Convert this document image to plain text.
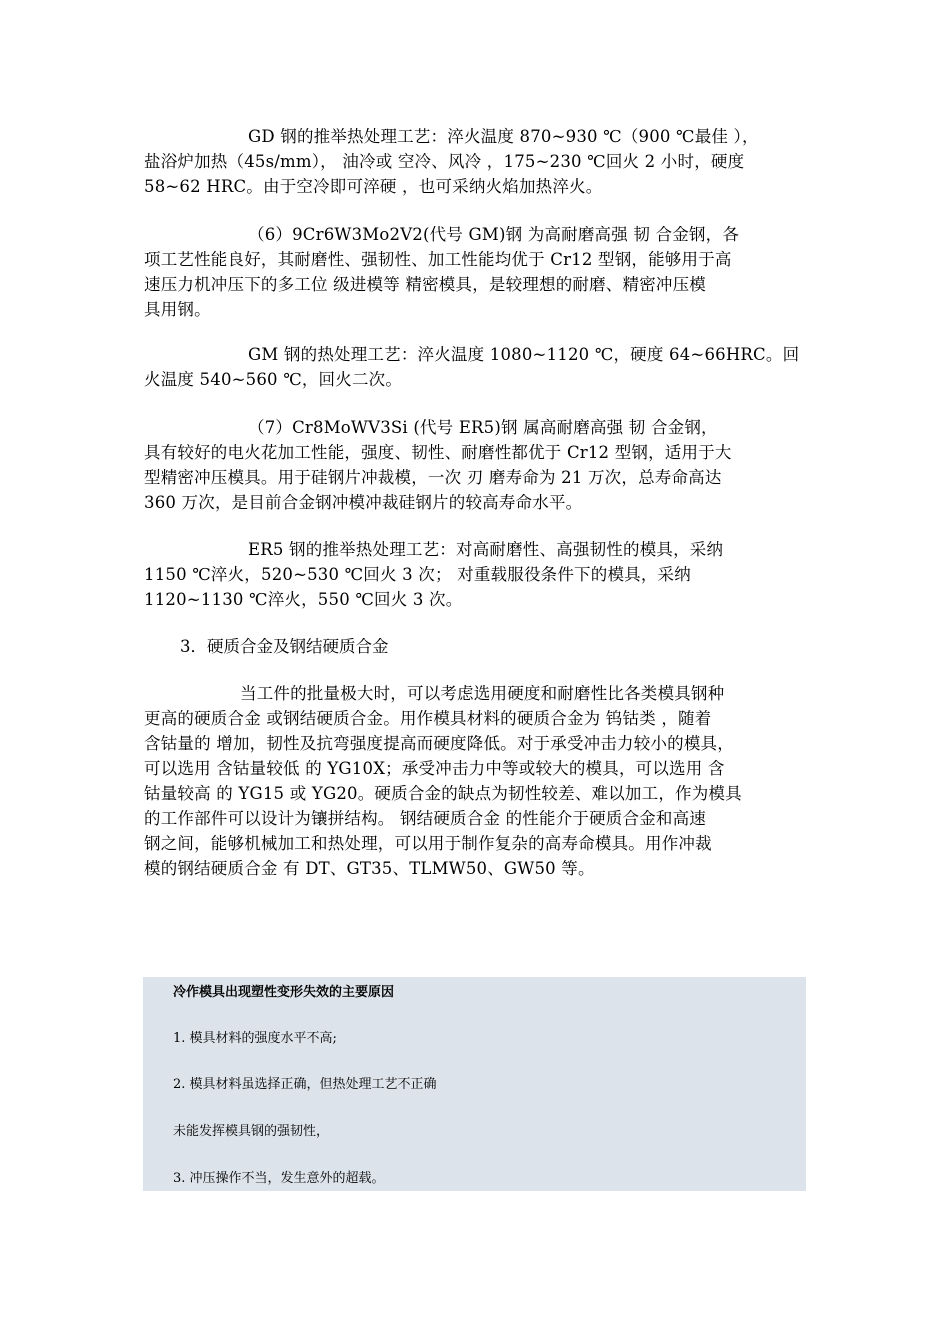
GD 钢的推举热处理工艺：淬火温度 870~930 ℃（900 ℃最佳 ），
盐浴炉加热（45s/mm）， 油冷或 空冷、风冷 ，175~230 ℃回火 2 小时，硬度
58~62 HRC。由于空冷即可淬硬 ，也可采纳火焰加热淬火。

（6）9Cr6W3Mo2V2(代号 GM)钢 为高耐磨高强 韧 合金钢，各
项工艺性能良好，其耐磨性、强韧性、加工性能均优于 Cr12 型钢，能够用于高
速压力机冲压下的多工位 级进模等 精密模具，是较理想的耐磨、精密冲压模
具用钢。

GM 钢的热处理工艺：淬火温度 1080~1120 ℃，硬度 64~66HRC。回
火温度 540~560 ℃，回火二次。

（7）Cr8MoWV3Si (代号 ER5)钢 属高耐磨高强 韧 合金钢，
具有较好的电火花加工性能，强度、韧性、耐磨性都优于 Cr12 型钢，适用于大
型精密冲压模具。用于硅钢片冲裁模，一次 刃 磨寿命为 21 万次，总寿命高达
360 万次，是目前合金钢冲模冲裁硅钢片的较高寿命水平。

ER5 钢的推举热处理工艺：对高耐磨性、高强韧性的模具，采纳
1150 ℃淬火，520~530 ℃回火 3 次； 对重载服役条件下的模具，采纳
1120~1130 ℃淬火，550 ℃回火 3 次。

3．硬质合金及钢结硬质合金

当工件的批量极大时，可以考虑选用硬度和耐磨性比各类模具钢种
更高的硬质合金 或钢结硬质合金。用作模具材料的硬质合金为 钨钴类 ，随着
含钴量的 增加，韧性及抗弯强度提高而硬度降低。对于承受冲击力较小的模具，
可以选用 含钴量较低 的 YG10X；承受冲击力中等或较大的模具，可以选用 含
钴量较高 的 YG15 或 YG20。硬质合金的缺点为韧性较差、难以加工，作为模具
的工作部件可以设计为镶拼结构。 钢结硬质合金 的性能介于硬质合金和高速
钢之间，能够机械加工和热处理，可以用于制作复杂的高寿命模具。用作冲裁
模的钢结硬质合金 有 DT、GT35、TLMW50、GW50 等。

冷作模具出现塑性变形失效的主要原因
1. 模具材料的强度水平不高;
2. 模具材料虽选择正确，但热处理工艺不正确
未能发挥模具钢的强韧性，
3. 冲压操作不当，发生意外的超载。
